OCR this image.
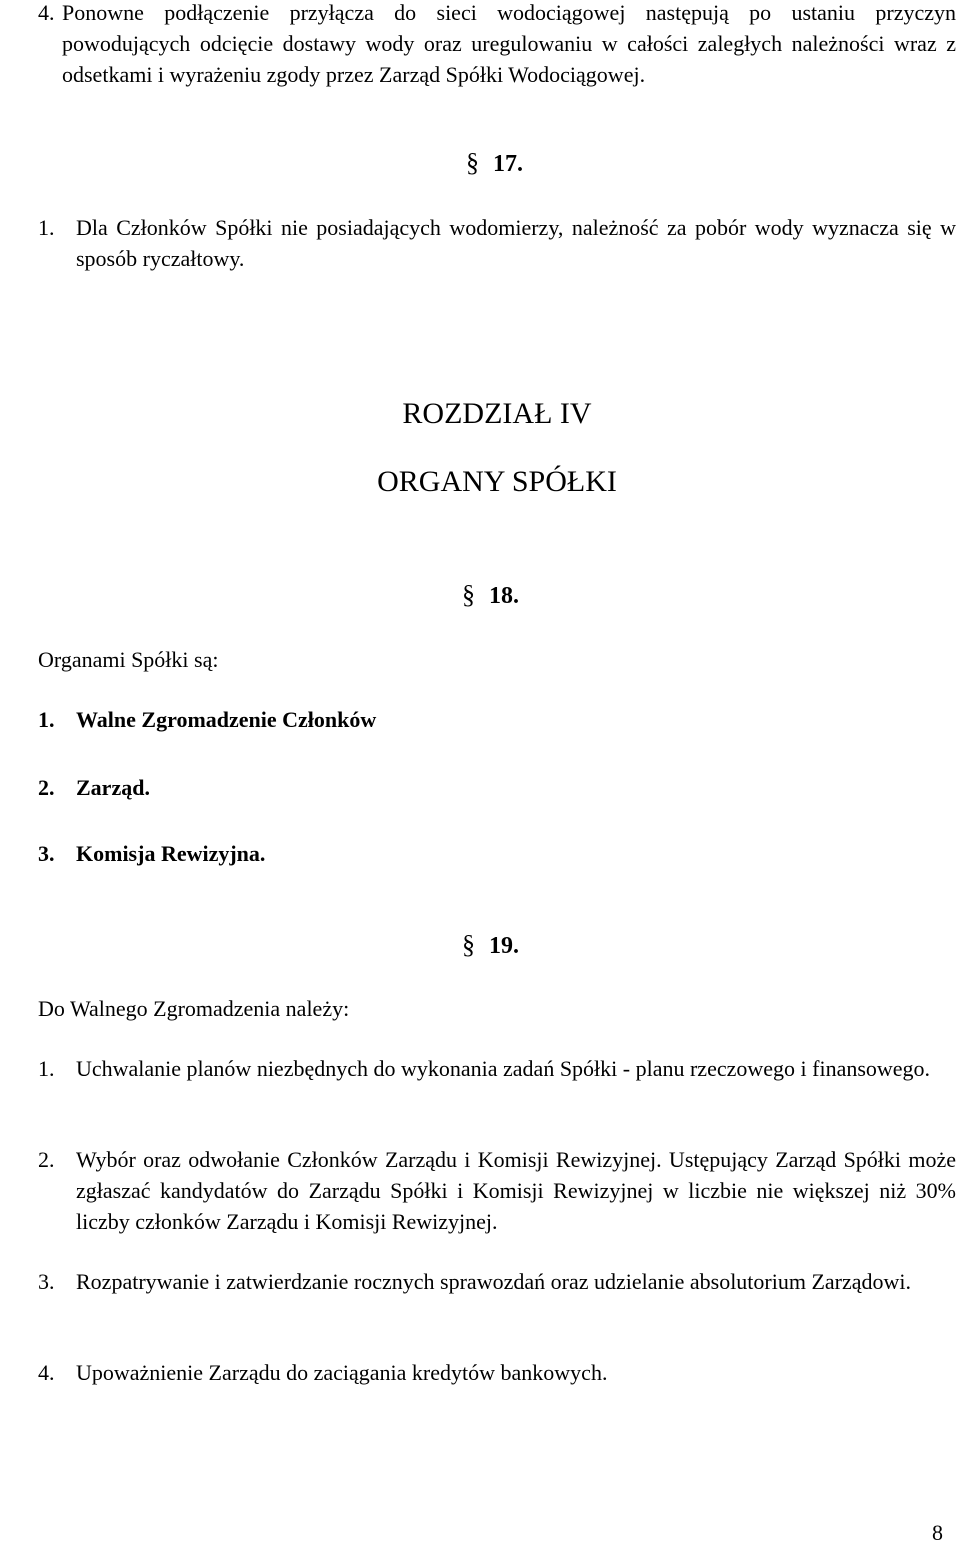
4. Ponowne podłączenie przyłącza do sieci wodociągowej następują po ustaniu przyczyn powodujących odcięcie dostawy wody oraz uregulowaniu w całości zaległych należności wraz z odsetkami i wyrażeniu zgody przez Zarząd Spółki Wodociągowej.

§ 17.
1. Dla Członków Spółki nie posiadających wodomierzy, należność za pobór wody wyznacza się w sposób ryczałtowy.

ROZDZIAŁ IV
ORGANY SPÓŁKI
§ 18.
Organami Spółki są:
1. Walne Zgromadzenie Członków
2. Zarząd.
3. Komisja Rewizyjna.
§ 19.
Do Walnego Zgromadzenia należy:
1. Uchwalanie planów niezbędnych do wykonania zadań Spółki - planu rzeczowego i finansowego.

2. Wybór oraz odwołanie Członków Zarządu i Komisji Rewizyjnej. Ustępujący Zarząd Spółki może zgłaszać kandydatów do Zarządu Spółki i Komisji Rewizyjnej w liczbie nie większej niż 30% liczby członków Zarządu i Komisji Rewizyjnej.

3. Rozpatrywanie i zatwierdzanie rocznych sprawozdań oraz udzielanie absolutorium Zarządowi.

4. Upoważnienie Zarządu do zaciągania kredytów bankowych.

8
